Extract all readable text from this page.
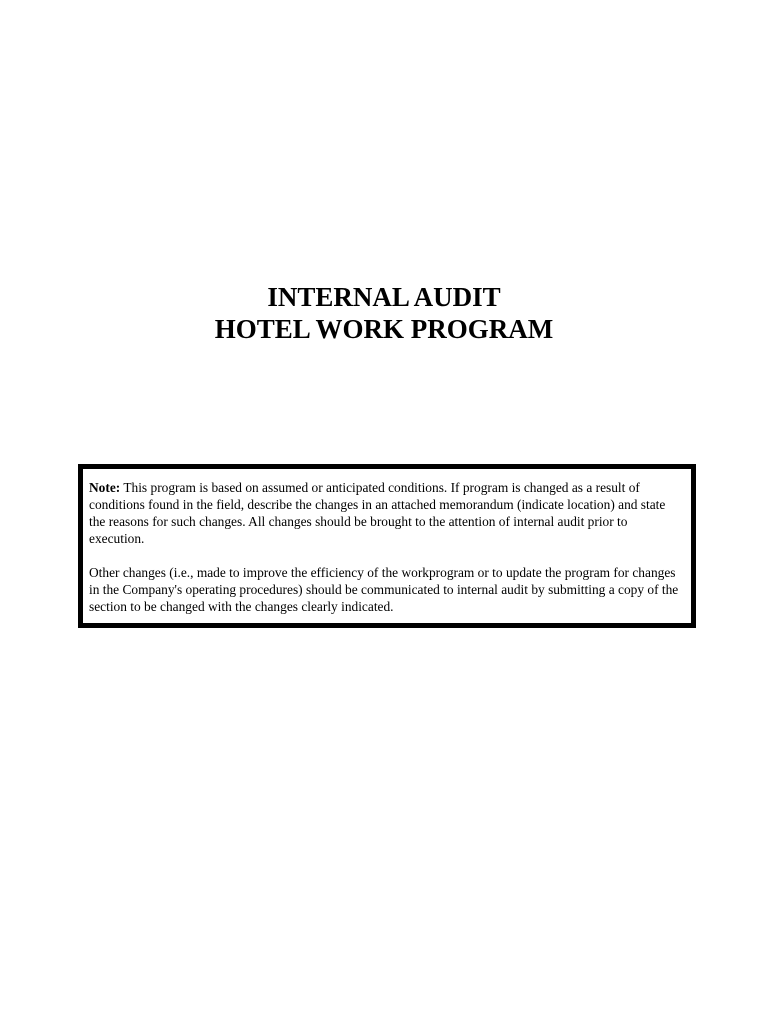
INTERNAL AUDIT
HOTEL WORK PROGRAM

Note: This program is based on assumed or anticipated conditions. If program is changed as a result of conditions found in the field, describe the changes in an attached memorandum (indicate location) and state the reasons for such changes. All changes should be brought to the attention of internal audit prior to execution.

Other changes (i.e., made to improve the efficiency of the workprogram or to update the program for changes in the Company's operating procedures) should be communicated to internal audit by submitting a copy of the section to be changed with the changes clearly indicated.
